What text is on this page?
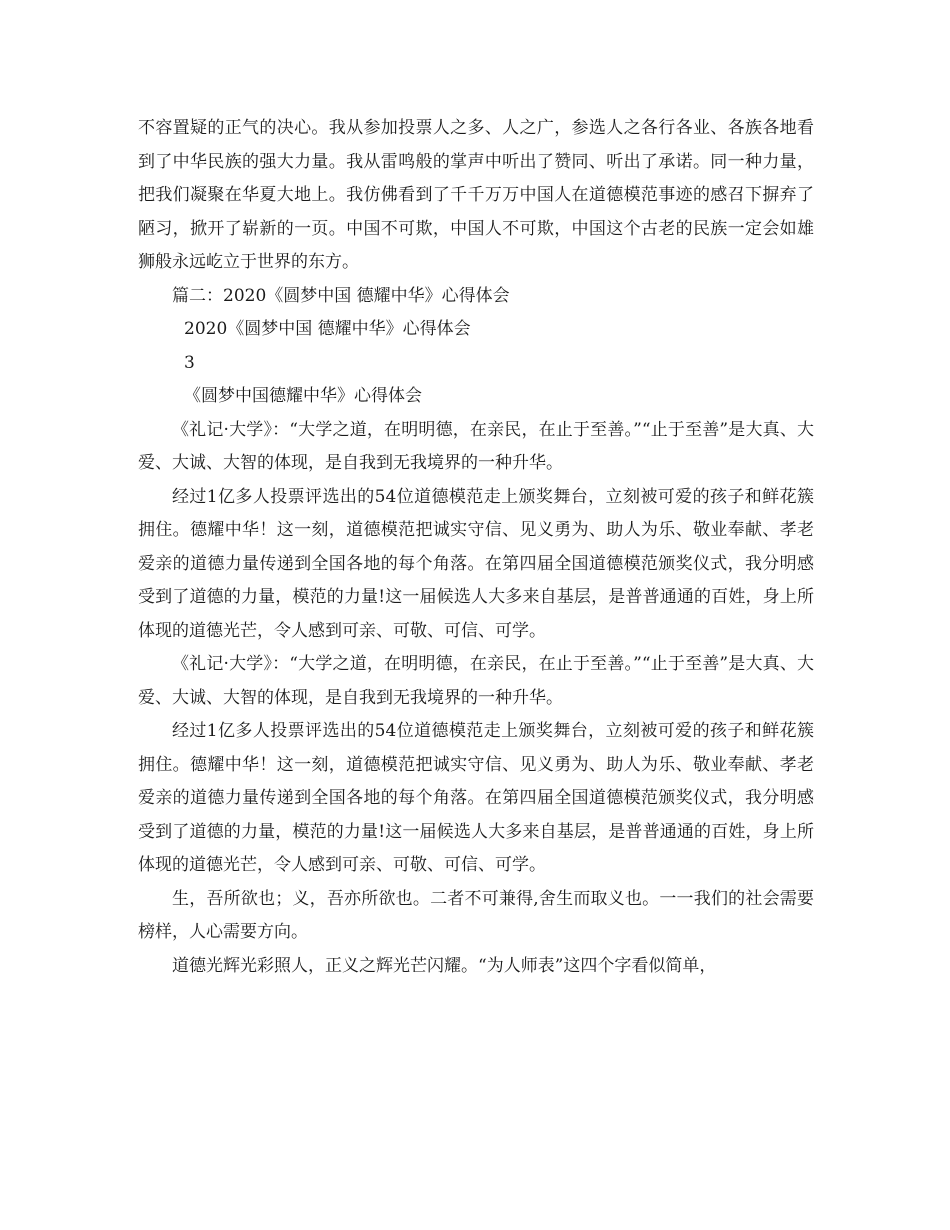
不容置疑的正气的决心。我从参加投票人之多、人之广，参选人之各行各业、各族各地看到了中华民族的强大力量。我从雷鸣般的掌声中听出了赞同、听出了承诺。同一种力量，把我们凝聚在华夏大地上。我仿佛看到了千千万万中国人在道德模范事迹的感召下摒弃了陋习，掀开了崭新的一页。中国不可欺，中国人不可欺，中国这个古老的民族一定会如雄狮般永远屹立于世界的东方。

篇二：2020《圆梦中国 德耀中华》心得体会

2020《圆梦中国 德耀中华》心得体会

3

《圆梦中国德耀中华》心得体会

《礼记·大学》：“大学之道，在明明德，在亲民，在止于至善。”“止于至善”是大真、大爱、大诚、大智的体现，是自我到无我境界的一种升华。

经过1亿多人投票评选出的54位道德模范走上颁奖舞台，立刻被可爱的孩子和鲜花簇拥住。德耀中华！这一刻，道德模范把诚实守信、见义勇为、助人为乐、敬业奉献、孝老爱亲的道德力量传递到全国各地的每个角落。在第四届全国道德模范颁奖仪式，我分明感受到了道德的力量，模范的力量!这一届候选人大多来自基层，是普普通通的百姓，身上所体现的道德光芒，令人感到可亲、可敬、可信、可学。

《礼记·大学》：“大学之道，在明明德，在亲民，在止于至善。”“止于至善”是大真、大爱、大诚、大智的体现，是自我到无我境界的一种升华。

经过1亿多人投票评选出的54位道德模范走上颁奖舞台，立刻被可爱的孩子和鲜花簇拥住。德耀中华！这一刻，道德模范把诚实守信、见义勇为、助人为乐、敬业奉献、孝老爱亲的道德力量传递到全国各地的每个角落。在第四届全国道德模范颁奖仪式，我分明感受到了道德的力量，模范的力量!这一届候选人大多来自基层，是普普通通的百姓，身上所体现的道德光芒，令人感到可亲、可敬、可信、可学。

生，吾所欲也；义，吾亦所欲也。二者不可兼得,舍生而取义也。一一我们的社会需要榜样，人心需要方向。

道德光辉光彩照人，正义之辉光芒闪耀。“为人师表”这四个字看似简单，
